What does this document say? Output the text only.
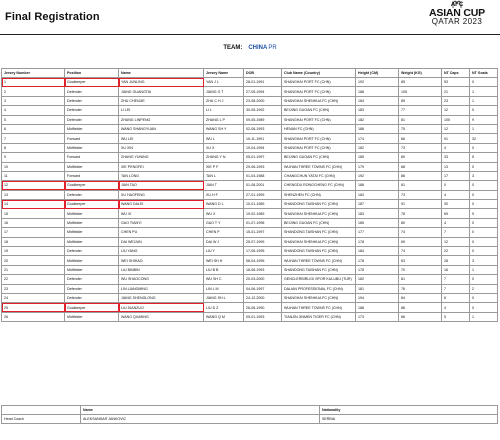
Final Registration
AFC
ASIAN CUP
QATAR 2023
TEAM: CHINAPR
Jersey Number	Position	Name	Jersey Name	DOB	Club Name (Country)	Height (CM)	Weight (KG)	NT Caps	NT Goals
1	Goalkeeper	YAN JUNLING	YAN J L	28-01-1991	SHANGHAI PORT FC (CHN)	192	85	53	0
2	Defender	JIANG GUANGTAI	JIANG G T	27-05-1994	SHANGHAI PORT FC (CHN)	188	105	21	1
3	Defender	ZHU CHENJIE	ZHU C H J	23-08-2000	SHANGHAI SHENHUA FC (CHN)	184	85	23	1
4	Defender	LI LEI	LI L	30-05-1992	BEIJING GUOAN FC (CHN)	183	77	12	0
5	Defender	ZHANG LINPENG	ZHANG L P	09-05-1989	SHANGHAI PORT FC (CHN)	182	81	105	9
6	Midfielder	WANG SHANGYUAN	WANG SH Y	02-06-1993	HENAN FC (CHN)	186	75	12	1
7	Forward	WU LEI	WU L	19-11-1991	SHANGHAI PORT FC (CHN)	174	66	91	32
8	Midfielder	XU XIN	XU X	19-04-1994	SHANGHAI PORT FC (CHN)	182	73	4	0
9	Forward	ZHANG YUNING	ZHANG Y N	05-01-1997	BEIJING GUOAN FC (CHN)	185	80	33	5
10	Midfielder	XIE PENGFEI	XIE P F	29-06-1993	WUHAN THREE TOWNS FC (CHN)	179	68	13	0
11	Forward	TAN LONG	TAN L	01-04-1988	CHANGCHUN YATAI FC (CHN)	192	86	17	3
12	Goalkeeper	JIAN TAO	JIAN T	01-08-2001	CHENGDU RONGCHENG FC (CHN)	186	81	0	0
13	Defender	XU HAOFENG	XU H F	27-01-1999	SHENZHEN FC (CHN)	183	73	4	0
14	Goalkeeper	WANG DALEI	WANG D L	10-01-1989	SHANDONG TAISHAN FC (CHN)	187	91	30	0
15	Midfielder	WU XI	WU X	19-02-1989	SHANGHAI SHENHUA FC (CHN)	183	78	69	9
16	Midfielder	GAO TIANYI	GAO T Y	01-07-1998	BEIJING GUOAN FC (CHN)	185	80	4	0
17	Midfielder	CHEN PU	CHEN P	15-01-1997	SHANDONG TAISHAN FC (CHN)	177	74	7	0
18	Midfielder	DAI WEIJUN	DAI W J	25-07-1999	SHANGHAI SHENHUA FC (CHN)	178	69	12	0
19	Defender	LIU YANG	LIU Y	17-06-1995	SHANDONG TAISHAN FC (CHN)	184	74	22	0
20	Midfielder	WEI SHIHAO	WEI SH H	08-04-1995	WUHAN THREE TOWNS FC (CHN)	178	63	28	3
21	Midfielder	LIU BINBIN	LIU B B	16-06-1993	SHANDONG TAISHAN FC (CHN)	178	70	16	1
22	Defender	WU SHAOCONG	WU SH C	20-03-2000	GENCLERBIRLIGI SPOR KULUBU (TUR)	182	81	7	0
23	Defender	LIN LIANGMING	LIN L M	04-06-1997	DALIAN PROFESSIONAL FC (CHN)	181	76	7	2
24	Defender	JIANG SHENGLONG	JIANG SH L	24-12-2000	SHANGHAI SHENHUA FC (CHN)	194	84	6	0
25	Goalkeeper	LIU DIANZUO	LIU D Z	26-06-1990	WUHAN THREE TOWNS FC (CHN)	188	86	4	0
26	Midfielder	WANG QIUMING	WANG Q M	09-01-1993	TIANJIN JINMEN TIGER FC (CHN)	173	66	5	1
	Name	Nationality
Head Coach	ALEKSANDAR JANKOVIC	SERBIA
